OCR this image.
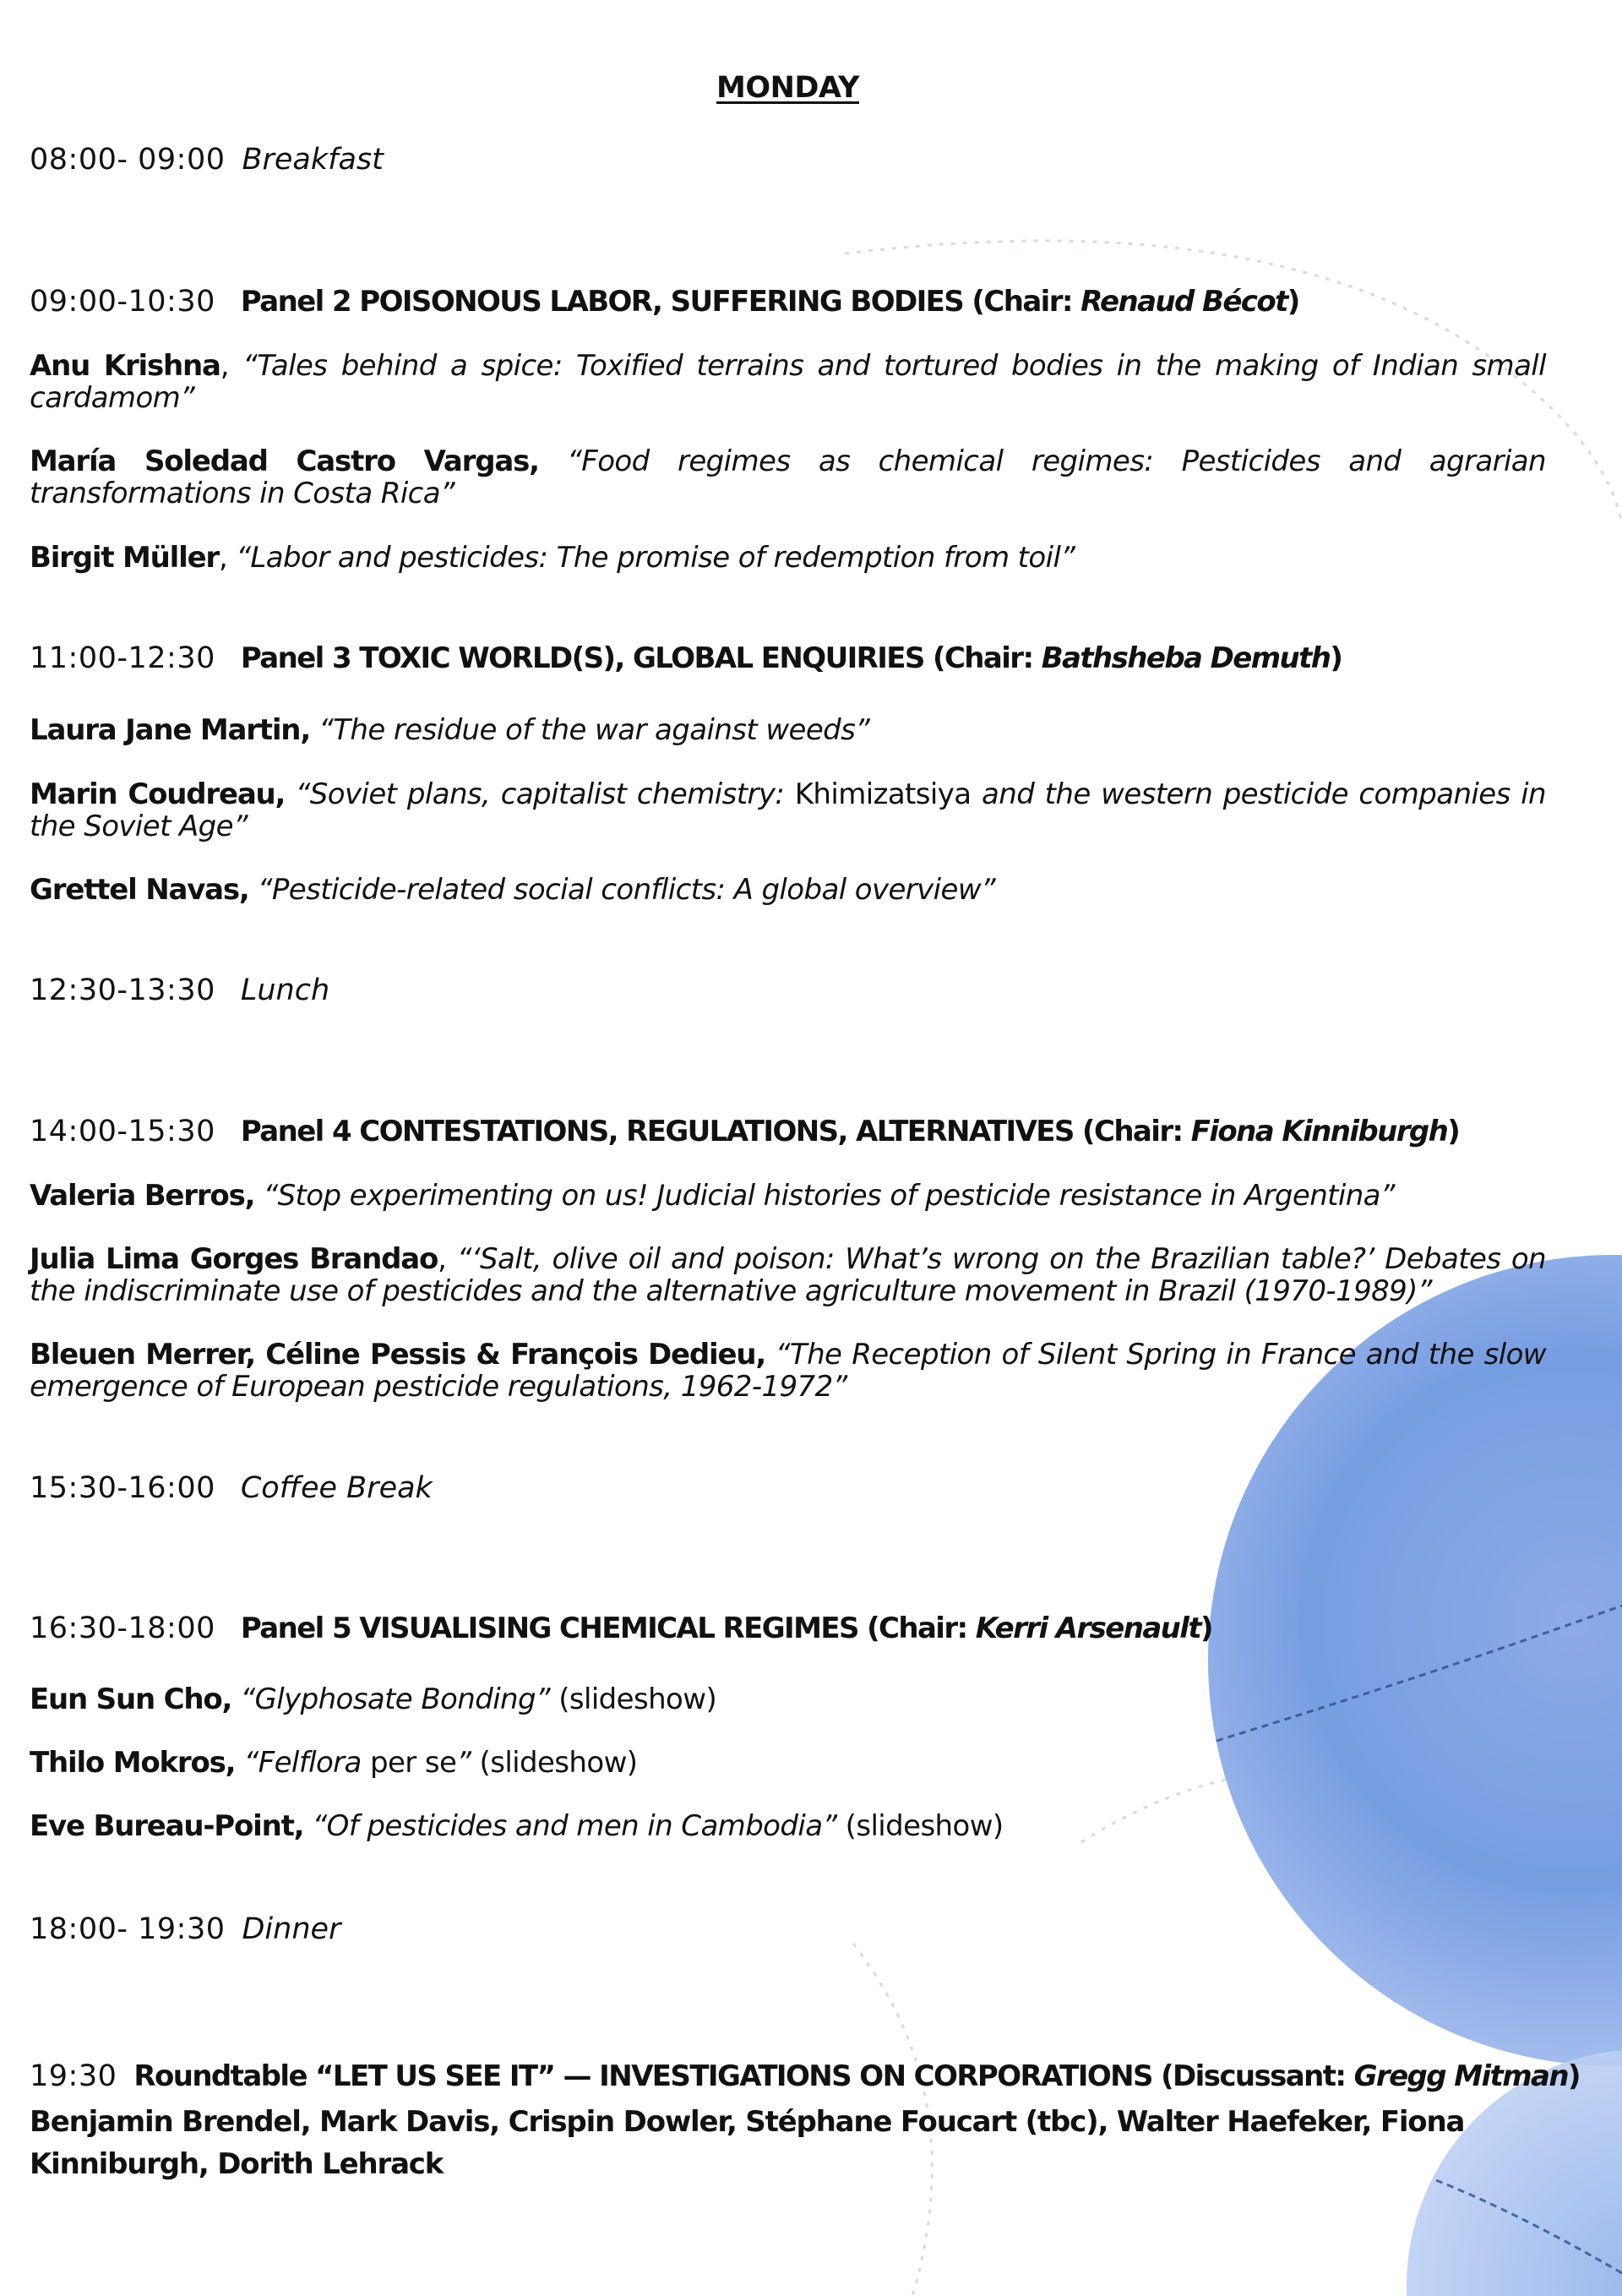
MONDAY
08:00- 09:00 Breakfast
09:00-10:30 Panel 2 POISONOUS LABOR, SUFFERING BODIES (Chair: Renaud Bécot)
Anu Krishna, “Tales behind a spice: Toxified terrains and tortured bodies in the making of Indian small cardamom”
María Soledad Castro Vargas, “Food regimes as chemical regimes: Pesticides and agrarian transformations in Costa Rica”
Birgit Müller, “Labor and pesticides: The promise of redemption from toil”
11:00-12:30 Panel 3 TOXIC WORLD(S), GLOBAL ENQUIRIES (Chair: Bathsheba Demuth)
Laura Jane Martin, “The residue of the war against weeds”
Marin Coudreau, “Soviet plans, capitalist chemistry: Khimizatsiya and the western pesticide companies in the Soviet Age”
Grettel Navas, “Pesticide-related social conflicts: A global overview”
12:30-13:30 Lunch
14:00-15:30 Panel 4 CONTESTATIONS, REGULATIONS, ALTERNATIVES (Chair: Fiona Kinniburgh)
Valeria Berros, “Stop experimenting on us! Judicial histories of pesticide resistance in Argentina”
Julia Lima Gorges Brandao, “‘Salt, olive oil and poison: What’s wrong on the Brazilian table?’ Debates on the indiscriminate use of pesticides and the alternative agriculture movement in Brazil (1970-1989)”
Bleuen Merrer, Céline Pessis & François Dedieu, “The Reception of Silent Spring in France and the slow emergence of European pesticide regulations, 1962-1972”
15:30-16:00 Coffee Break
16:30-18:00 Panel 5 VISUALISING CHEMICAL REGIMES (Chair: Kerri Arsenault)
Eun Sun Cho, “Glyphosate Bonding” (slideshow)
Thilo Mokros, “Felflora per se” (slideshow)
Eve Bureau-Point, “Of pesticides and men in Cambodia” (slideshow)
18:00- 19:30 Dinner
19:30 Roundtable “LET US SEE IT” — INVESTIGATIONS ON CORPORATIONS (Discussant: Gregg Mitman)
Benjamin Brendel, Mark Davis, Crispin Dowler, Stéphane Foucart (tbc), Walter Haefeker, Fiona Kinniburgh, Dorith Lehrack
